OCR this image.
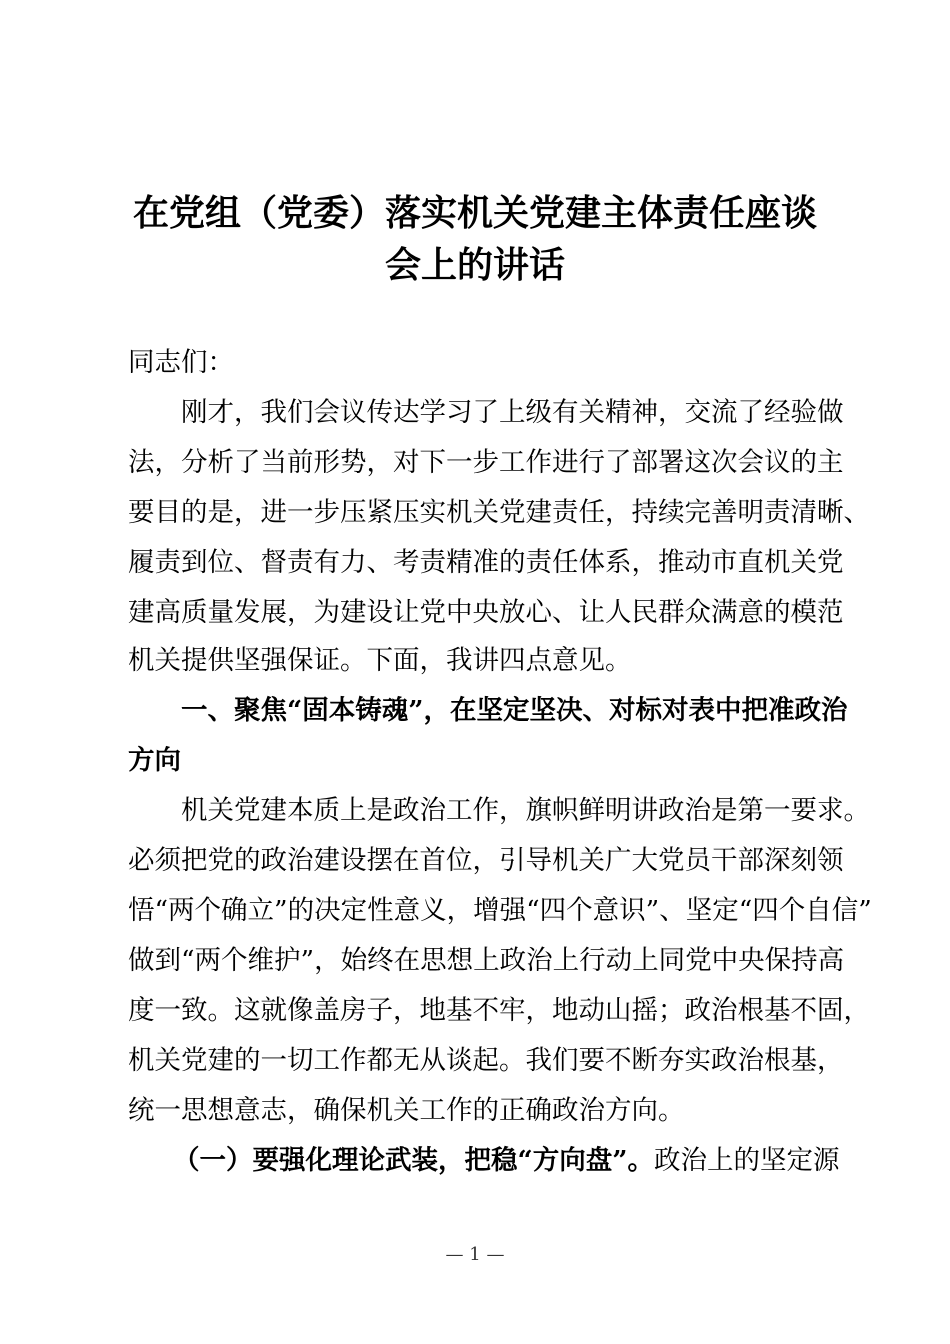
在党组（党委）落实机关党建主体责任座谈
会上的讲话
同志们：
刚才，我们会议传达学习了上级有关精神，交流了经验做
法，分析了当前形势，对下一步工作进行了部署这次会议的主
要目的是，进一步压紧压实机关党建责任，持续完善明责清晰、
履责到位、督责有力、考责精准的责任体系，推动市直机关党
建高质量发展，为建设让党中央放心、让人民群众满意的模范
机关提供坚强保证。下面，我讲四点意见。
一、聚焦“固本铸魂”，在坚定坚决、对标对表中把准政治
方向
机关党建本质上是政治工作，旗帜鲜明讲政治是第一要求。
必须把党的政治建设摆在首位，引导机关广大党员干部深刻领
悟“两个确立”的决定性意义，增强“四个意识”、坚定“四个自信”
做到“两个维护”，始终在思想上政治上行动上同党中央保持高
度一致。这就像盖房子，地基不牢，地动山摇；政治根基不固，
机关党建的一切工作都无从谈起。我们要不断夯实政治根基，
统一思想意志，确保机关工作的正确政治方向。
（一）要强化理论武装，把稳“方向盘”。政治上的坚定源
— 1 —
